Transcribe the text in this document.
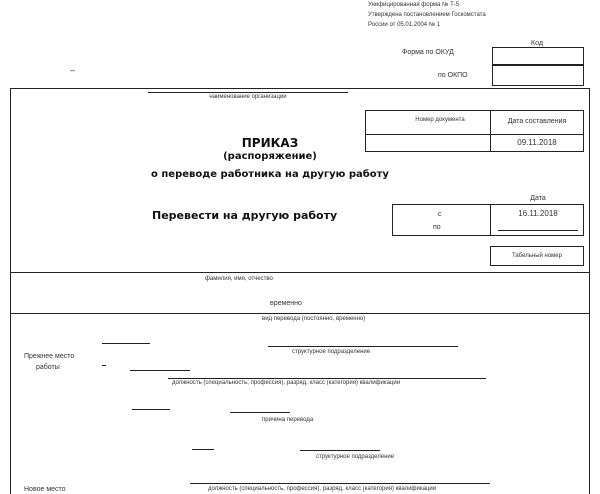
Унифицированная форма № Т-5
Утверждена постановлением Госкомстата
России от 05.01.2004 № 1
Форма по ОКУД
Код
по ОКПО
–
наименование организации
Номер документа	Дата составления
09.11.2018
ПРИКАЗ
(распоряжение)
о переводе работника на другую работу
Перевести на другую работу
Дата
с
по
16.11.2018
Табельный номер
фамилия, имя, отчество
временно
вид перевода (постоянно, временно)
Прежнее место
работы
структурное подразделение
должность (специальность, профессия), разряд, класс (категория) квалификации
причина перевода
структурное подразделение
Новое место	должность (специальность, профессия), разряд, класс (категория) квалификации
